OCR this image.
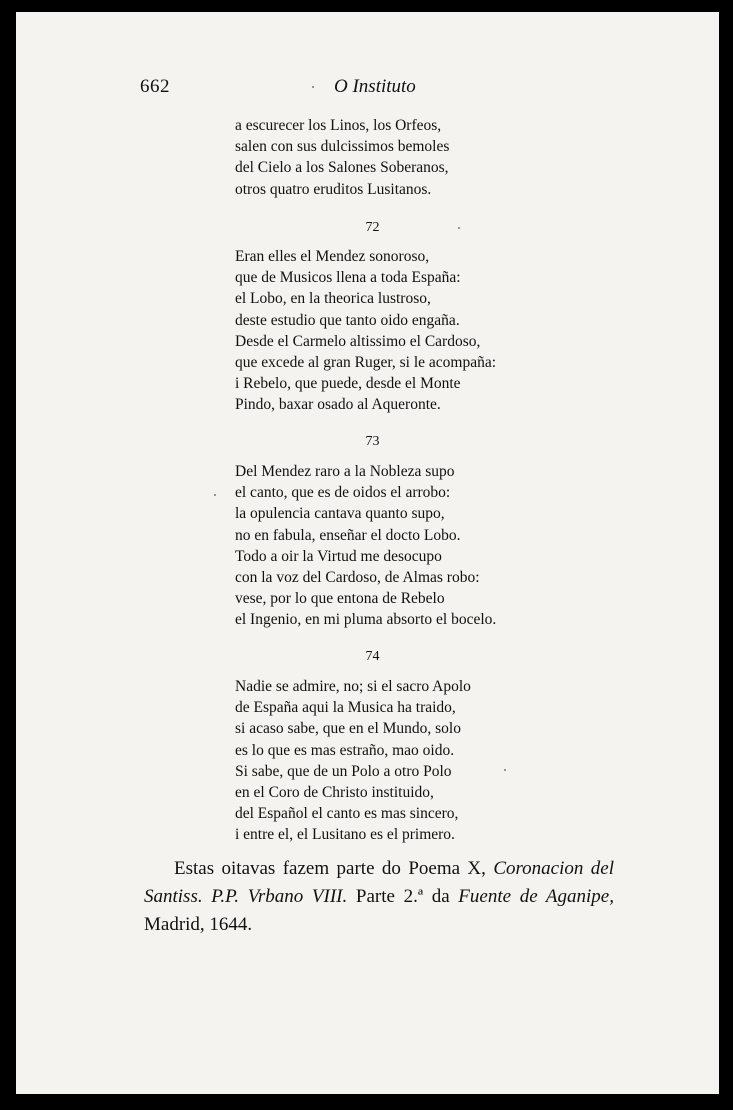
662	O Instituto
a escurecer los Linos, los Orfeos,
salen con sus dulcissimos bemoles
del Cielo a los Salones Soberanos,
otros quatro eruditos Lusitanos.
72
Eran elles el Mendez sonoroso,
que de Musicos llena a toda España:
el Lobo, en la theorica lustroso,
deste estudio que tanto oido engaña.
Desde el Carmelo altissimo el Cardoso,
que excede al gran Ruger, si le acompaña:
i Rebelo, que puede, desde el Monte
Pindo, baxar osado al Aqueronte.
73
Del Mendez raro a la Nobleza supo
el canto, que es de oidos el arrobo:
la opulencia cantava quanto supo,
no en fabula, enseñar el docto Lobo.
Todo a oir la Virtud me desocupo
con la voz del Cardoso, de Almas robo:
vese, por lo que entona de Rebelo
el Ingenio, en mi pluma absorto el bocelo.
74
Nadie se admire, no; si el sacro Apolo
de España aqui la Musica ha traido,
si acaso sabe, que en el Mundo, solo
es lo que es mas estraño, mao oido.
Si sabe, que de un Polo a otro Polo
en el Coro de Christo instituido,
del Español el canto es mas sincero,
i entre el, el Lusitano es el primero.
Estas oitavas fazem parte do Poema X, Coronacion del Santiss. P.P. Vrbano VIII. Parte 2.ª da Fuente de Aganipe, Madrid, 1644.
